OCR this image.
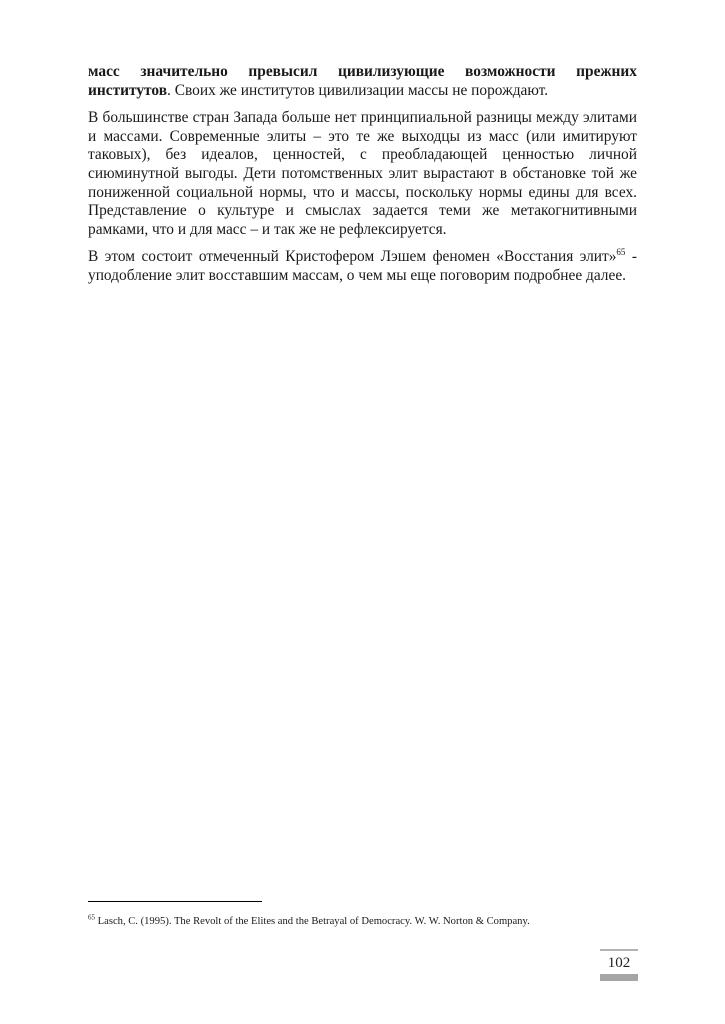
масс значительно превысил цивилизующие возможности прежних институтов. Своих же институтов цивилизации массы не порождают.

В большинстве стран Запада больше нет принципиальной разницы между элитами и массами. Современные элиты – это те же выходцы из масс (или имитируют таковых), без идеалов, ценностей, с преобладающей ценностью личной сиюминутной выгоды. Дети потомственных элит вырастают в обстановке той же пониженной социальной нормы, что и массы, поскольку нормы едины для всех. Представление о культуре и смыслах задается теми же метакогнитивными рамками, что и для масс – и так же не рефлексируется.

В этом состоит отмеченный Кристофером Лэшем феномен «Восстания элит»$^{65}$ - уподобление элит восставшим массам, о чем мы еще поговорим подробнее далее.

$^{65}$ Lasch, C. (1995). The Revolt of the Elites and the Betrayal of Democracy. W. W. Norton & Company.
102
